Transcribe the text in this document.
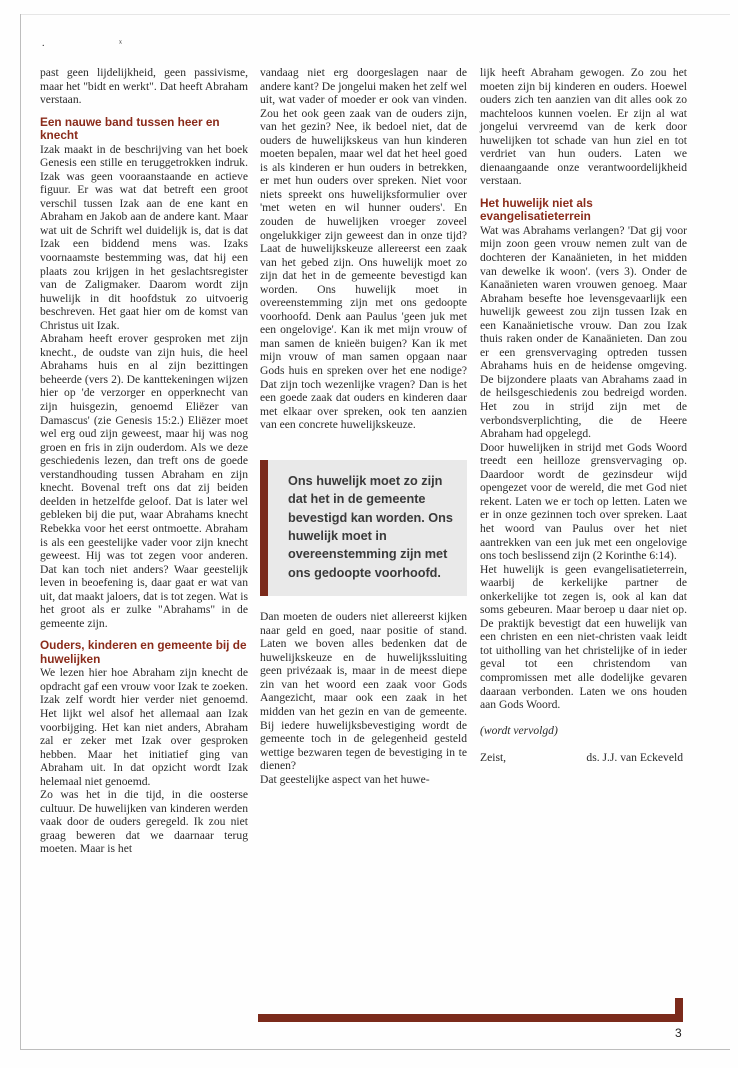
. ˣ

past geen lijdelijkheid, geen passivisme, maar het "bidt en werkt". Dat heeft Abraham verstaan.

Een nauwe band tussen heer en knecht

Izak maakt in de beschrijving van het boek Genesis een stille en teruggetrokken indruk. Izak was geen vooraanstaande en actieve figuur. Er was wat dat betreft een groot verschil tussen Izak aan de ene kant en Abraham en Jakob aan de andere kant. Maar wat uit de Schrift wel duidelijk is, dat is dat Izak een biddend mens was. Izaks voornaamste bestemming was, dat hij een plaats zou krijgen in het geslachtsregister van de Zaligmaker. Daarom wordt zijn huwelijk in dit hoofdstuk zo uitvoerig beschreven. Het gaat hier om de komst van Christus uit Izak.

Abraham heeft erover gesproken met zijn knecht., de oudste van zijn huis, die heel Abrahams huis en al zijn bezittingen beheerde (vers 2). De kanttekeningen wijzen hier op 'de verzorger en opperknecht van zijn huisgezin, genoemd Eliëzer van Damascus' (zie Genesis 15:2.) Eliëzer moet wel erg oud zijn geweest, maar hij was nog groen en fris in zijn ouderdom. Als we deze geschiedenis lezen, dan treft ons de goede verstandhouding tussen Abraham en zijn knecht. Bovenal treft ons dat zij beiden deelden in hetzelfde geloof. Dat is later wel gebleken bij die put, waar Abrahams knecht Rebekka voor het eerst ontmoette. Abraham is als een geestelijke vader voor zijn knecht geweest. Hij was tot zegen voor anderen. Dat kan toch niet anders? Waar geestelijk leven in beoefening is, daar gaat er wat van uit, dat maakt jaloers, dat is tot zegen. Wat is het groot als er zulke "Abrahams" in de gemeente zijn.

Ouders, kinderen en gemeente bij de huwelijken

We lezen hier hoe Abraham zijn knecht de opdracht gaf een vrouw voor Izak te zoeken. Izak zelf wordt hier verder niet genoemd. Het lijkt wel alsof het allemaal aan Izak voorbijging. Het kan niet anders, Abraham zal er zeker met Izak over gesproken hebben. Maar het initiatief ging van Abraham uit. In dat opzicht wordt Izak helemaal niet genoemd.

Zo was het in die tijd, in die oosterse cultuur. De huwelijken van kinderen werden vaak door de ouders geregeld. Ik zou niet graag beweren dat we daarnaar terug moeten. Maar is het

vandaag niet erg doorgeslagen naar de andere kant? De jongelui maken het zelf wel uit, wat vader of moeder er ook van vinden. Zou het ook geen zaak van de ouders zijn, van het gezin? Nee, ik bedoel niet, dat de ouders de huwelijkskeus van hun kinderen moeten bepalen, maar wel dat het heel goed is als kinderen er hun ouders in betrekken, er met hun ouders over spreken. Niet voor niets spreekt ons huwelijksformulier over 'met weten en wil hunner ouders'. En zouden de huwelijken vroeger zoveel ongelukkiger zijn geweest dan in onze tijd? Laat de huwelijkskeuze allereerst een zaak van het gebed zijn. Ons huwelijk moet zo zijn dat het in de gemeente bevestigd kan worden. Ons huwelijk moet in overeenstemming zijn met ons gedoopte voorhoofd. Denk aan Paulus 'geen juk met een ongelovige'. Kan ik met mijn vrouw of man samen de knieën buigen? Kan ik met mijn vrouw of man samen opgaan naar Gods huis en spreken over het ene nodige? Dat zijn toch wezenlijke vragen? Dan is het een goede zaak dat ouders en kinderen daar met elkaar over spreken, ook ten aanzien van een concrete huwelijkskeuze.

Ons huwelijk moet zo zijn dat het in de gemeente bevestigd kan worden. Ons huwelijk moet in overeenstemming zijn met ons gedoopte voorhoofd.

Dan moeten de ouders niet allereerst kijken naar geld en goed, naar positie of stand. Laten we boven alles bedenken dat de huwelijkskeuze en de huwelijkssluiting geen privézaak is, maar in de meest diepe zin van het woord een zaak voor Gods Aangezicht, maar ook een zaak in het midden van het gezin en van de gemeente. Bij iedere huwelijksbevestiging wordt de gemeente toch in de gelegenheid gesteld wettige bezwaren tegen de bevestiging in te dienen?

Dat geestelijke aspect van het huwe-

lijk heeft Abraham gewogen. Zo zou het moeten zijn bij kinderen en ouders. Hoewel ouders zich ten aanzien van dit alles ook zo machteloos kunnen voelen. Er zijn al wat jongelui vervreemd van de kerk door huwelijken tot schade van hun ziel en tot verdriet van hun ouders. Laten we dienaangaande onze verantwoordelijkheid verstaan.

Het huwelijk niet als evangelisatieterrein

Wat was Abrahams verlangen? 'Dat gij voor mijn zoon geen vrouw nemen zult van de dochteren der Kanaänieten, in het midden van dewelke ik woon'. (vers 3). Onder de Kanaänieten waren vrouwen genoeg. Maar Abraham besefte hoe levensgevaarlijk een huwelijk geweest zou zijn tussen Izak en een Kanaänietische vrouw. Dan zou Izak thuis raken onder de Kanaänieten. Dan zou er een grensvervaging optreden tussen Abrahams huis en de heidense omgeving. De bijzondere plaats van Abrahams zaad in de heilsgeschiedenis zou bedreigd worden. Het zou in strijd zijn met de verbondsverplichting, die de Heere Abraham had opgelegd.

Door huwelijken in strijd met Gods Woord treedt een heilloze grensvervaging op. Daardoor wordt de gezinsdeur wijd opengezet voor de wereld, die met God niet rekent. Laten we er toch op letten. Laten we er in onze gezinnen toch over spreken. Laat het woord van Paulus over het niet aantrekken van een juk met een ongelovige ons toch beslissend zijn (2 Korinthe 6:14).

Het huwelijk is geen evangelisatieterrein, waarbij de kerkelijke partner de onkerkelijke tot zegen is, ook al kan dat soms gebeuren. Maar beroep u daar niet op. De praktijk bevestigt dat een huwelijk van een christen en een niet-christen vaak leidt tot uitholling van het christelijke of in ieder geval tot een christendom van compromissen met alle dodelijke gevaren daaraan verbonden. Laten we ons houden aan Gods Woord.

(wordt vervolgd)

Zeist,	ds. J.J. van Eckeveld
3
